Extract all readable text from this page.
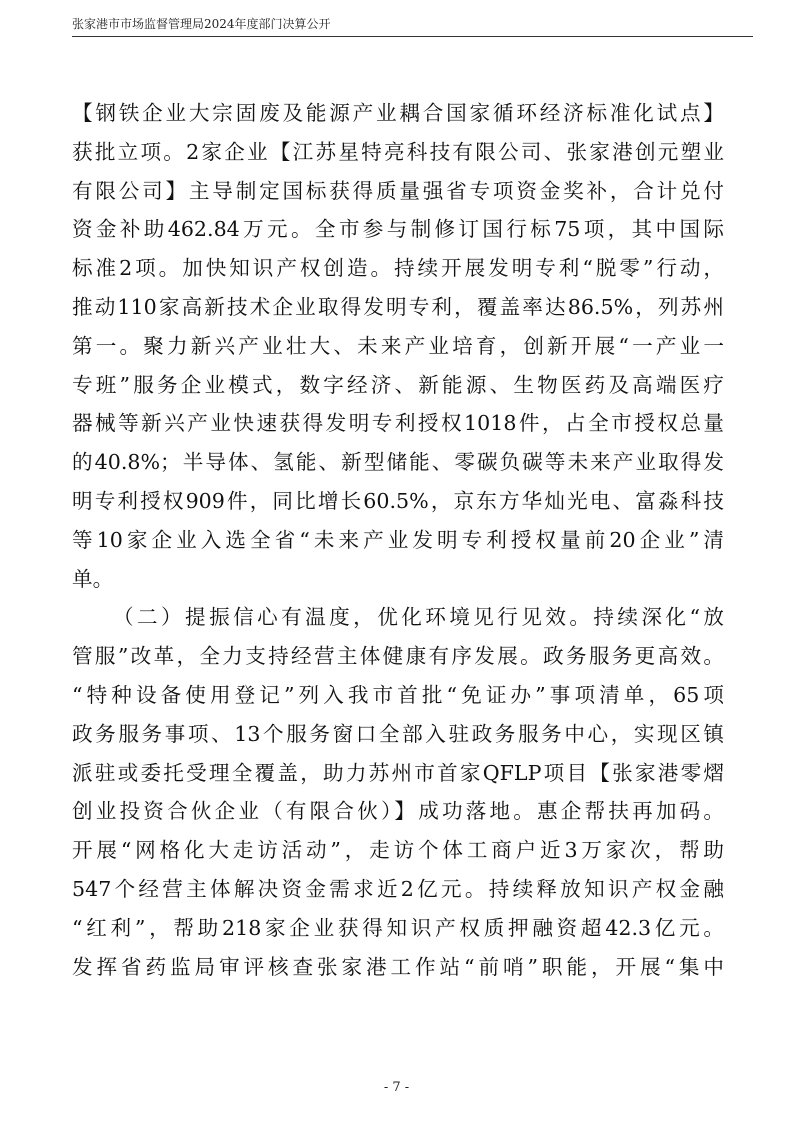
张家港市市场监督管理局2024年度部门决算公开
【钢铁企业大宗固废及能源产业耦合国家循环经济标准化试点】
获批立项。2家企业【江苏星特亮科技有限公司、张家港创元塑业
有限公司】主导制定国标获得质量强省专项资金奖补，合计兑付
资金补助462.84万元。全市参与制修订国行标75项，其中国际
标准2项。加快知识产权创造。持续开展发明专利“脱零”行动，
推动110家高新技术企业取得发明专利，覆盖率达86.5%，列苏州
第一。聚力新兴产业壮大、未来产业培育，创新开展“一产业一
专班”服务企业模式，数字经济、新能源、生物医药及高端医疗
器械等新兴产业快速获得发明专利授权1018件，占全市授权总量
的40.8%；半导体、氢能、新型储能、零碳负碳等未来产业取得发
明专利授权909件，同比增长60.5%，京东方华灿光电、富淼科技
等10家企业入选全省“未来产业发明专利授权量前20企业”清
单。
（二）提振信心有温度，优化环境见行见效。持续深化“放
管服”改革，全力支持经营主体健康有序发展。政务服务更高效。
“特种设备使用登记”列入我市首批“免证办”事项清单，65项
政务服务事项、13个服务窗口全部入驻政务服务中心，实现区镇
派驻或委托受理全覆盖，助力苏州市首家QFLP项目【张家港零熠
创业投资合伙企业（有限合伙）】成功落地。惠企帮扶再加码。
开展“网格化大走访活动”，走访个体工商户近3万家次，帮助
547个经营主体解决资金需求近2亿元。持续释放知识产权金融
“红利”，帮助218家企业获得知识产权质押融资超42.3亿元。
发挥省药监局审评核查张家港工作站“前哨”职能，开展“集中
- 7 -
